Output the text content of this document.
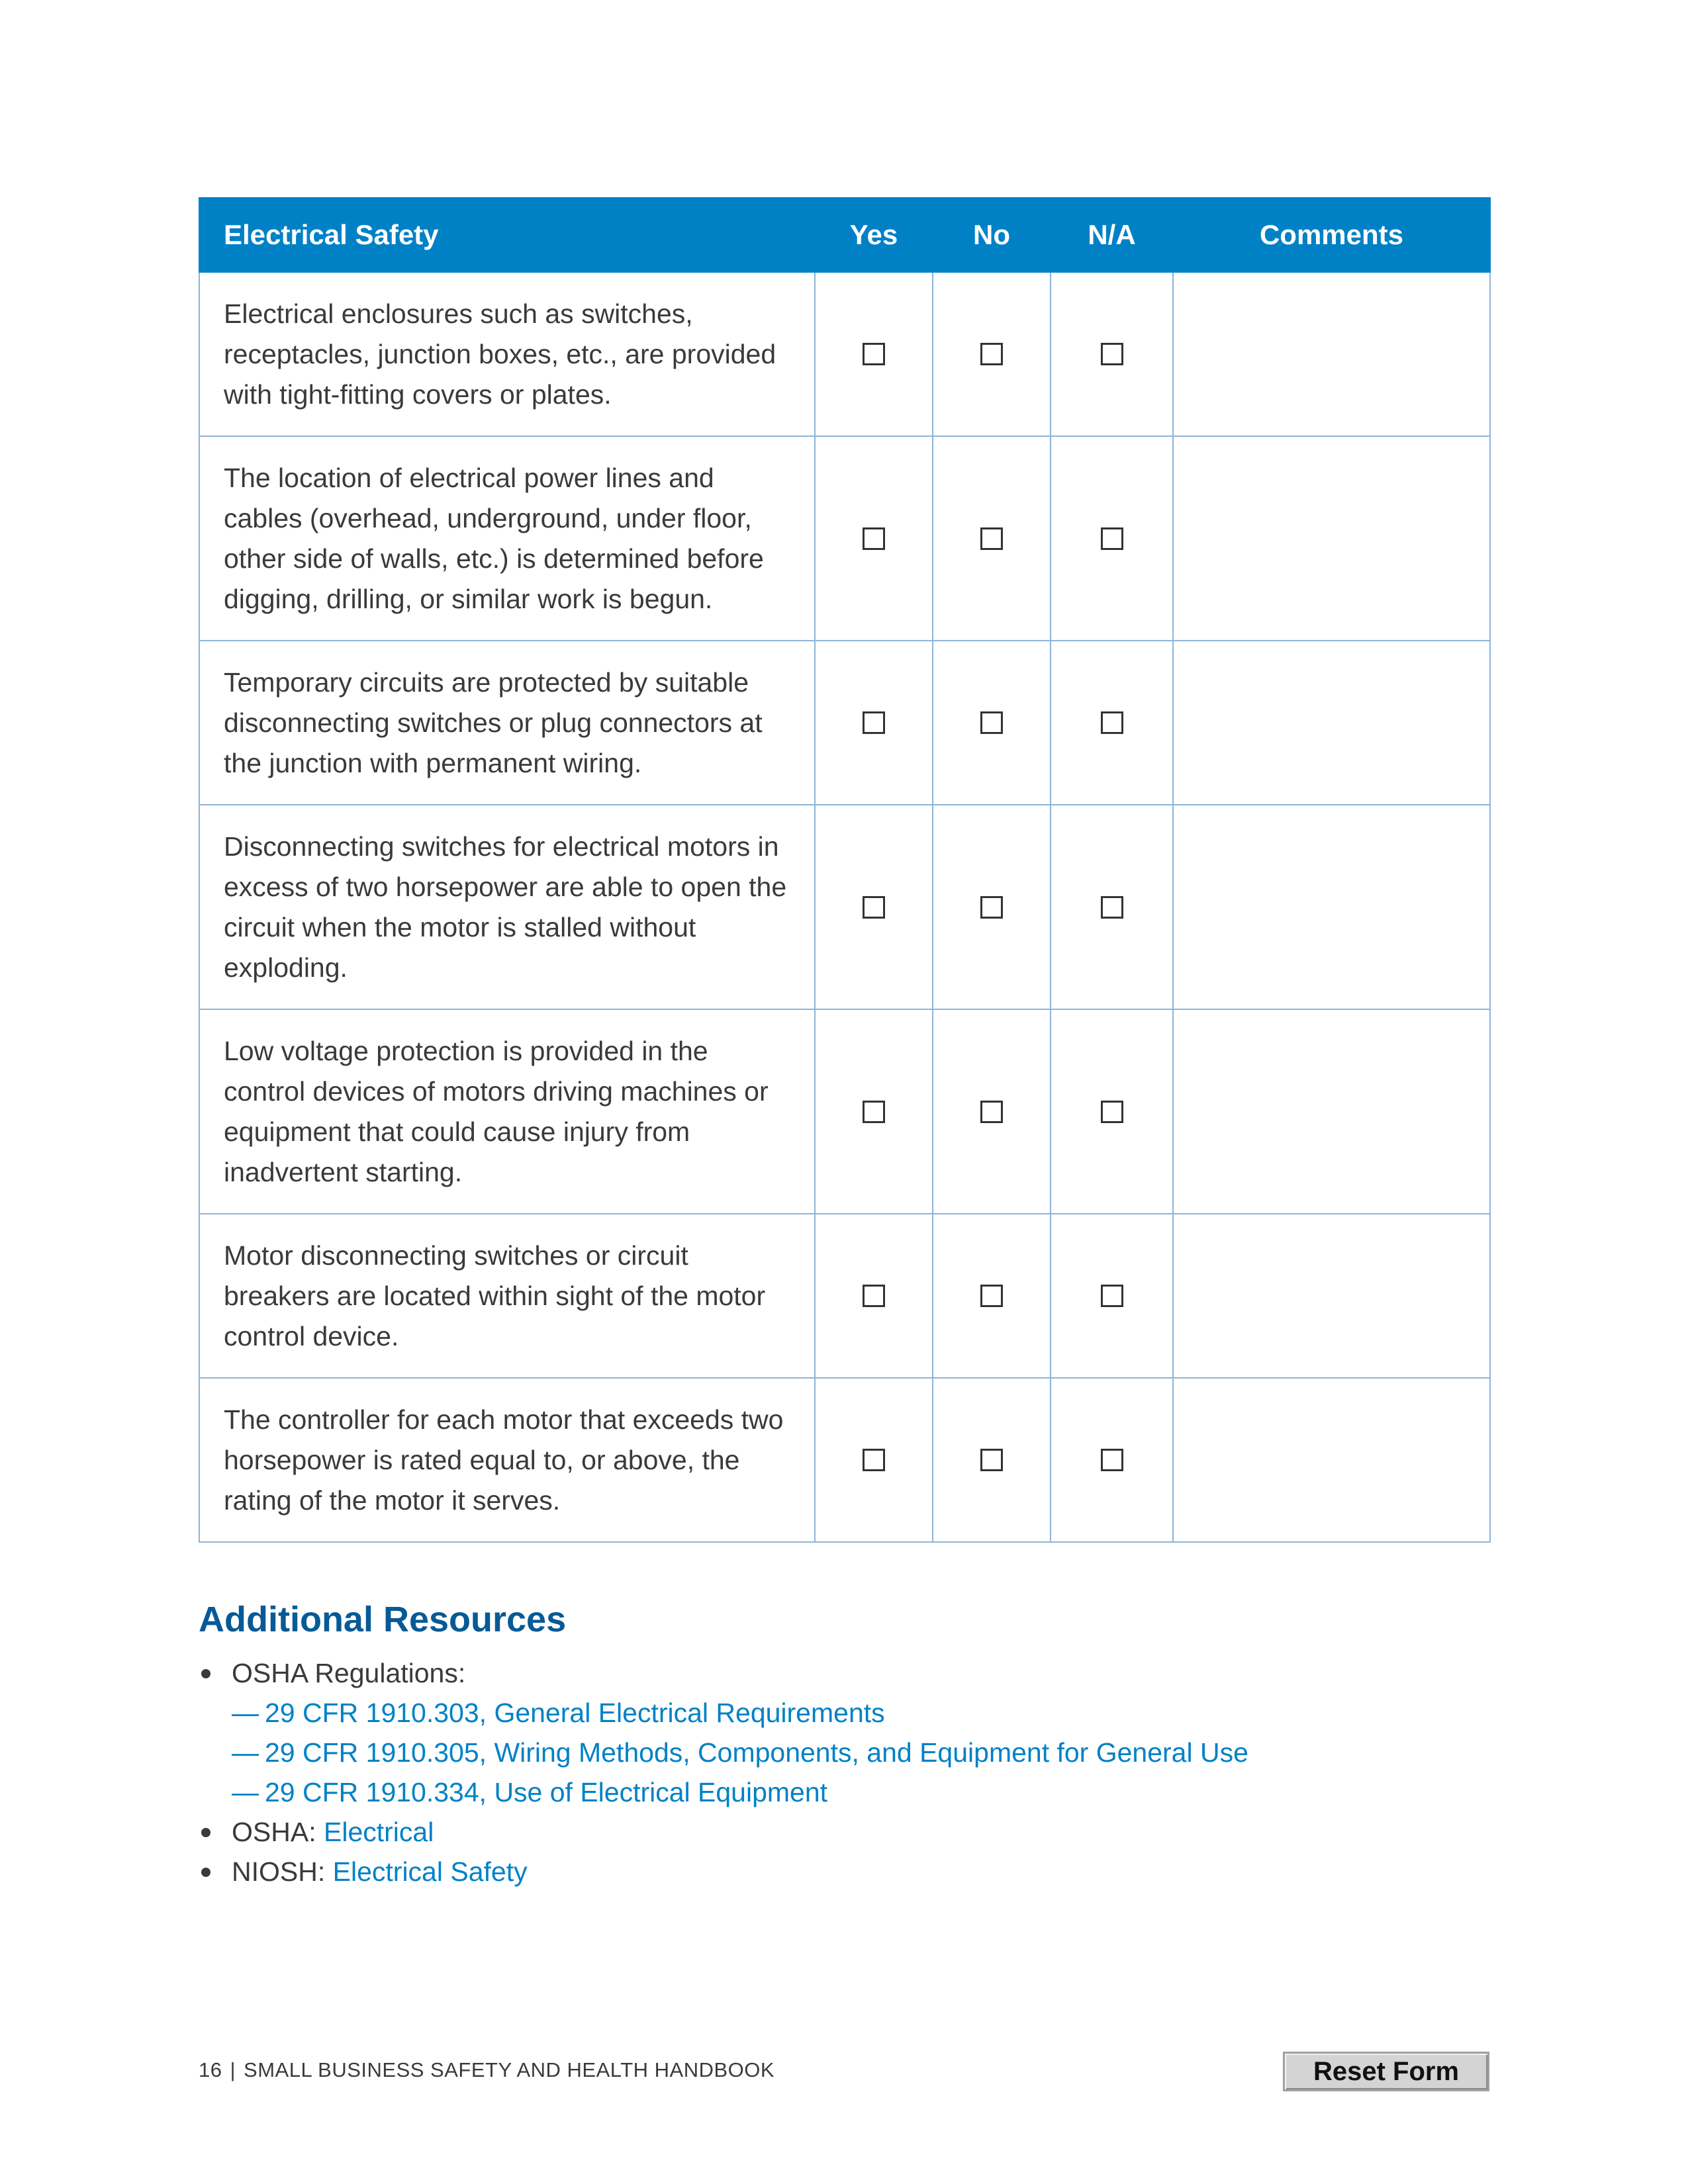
Electrical Safety	Yes	No	N/A	Comments
Electrical enclosures such as switches, receptacles, junction boxes, etc., are provided with tight-fitting covers or plates.				
The location of electrical power lines and cables (overhead, underground, under floor, other side of walls, etc.) is determined before digging, drilling, or similar work is begun.				
Temporary circuits are protected by suitable disconnecting switches or plug connectors at the junction with permanent wiring.				
Disconnecting switches for electrical motors in excess of two horsepower are able to open the circuit when the motor is stalled without exploding.				
Low voltage protection is provided in the control devices of motors driving machines or equipment that could cause injury from inadvertent starting.				
Motor disconnecting switches or circuit breakers are located within sight of the motor control device.				
The controller for each motor that exceeds two horsepower is rated equal to, or above, the rating of the motor it serves.				
Additional Resources
OSHA Regulations:
— 29 CFR 1910.303, General Electrical Requirements
— 29 CFR 1910.305, Wiring Methods, Components, and Equipment for General Use
— 29 CFR 1910.334, Use of Electrical Equipment
OSHA: Electrical
NIOSH: Electrical Safety
16 | SMALL BUSINESS SAFETY AND HEALTH HANDBOOK	Reset Form
